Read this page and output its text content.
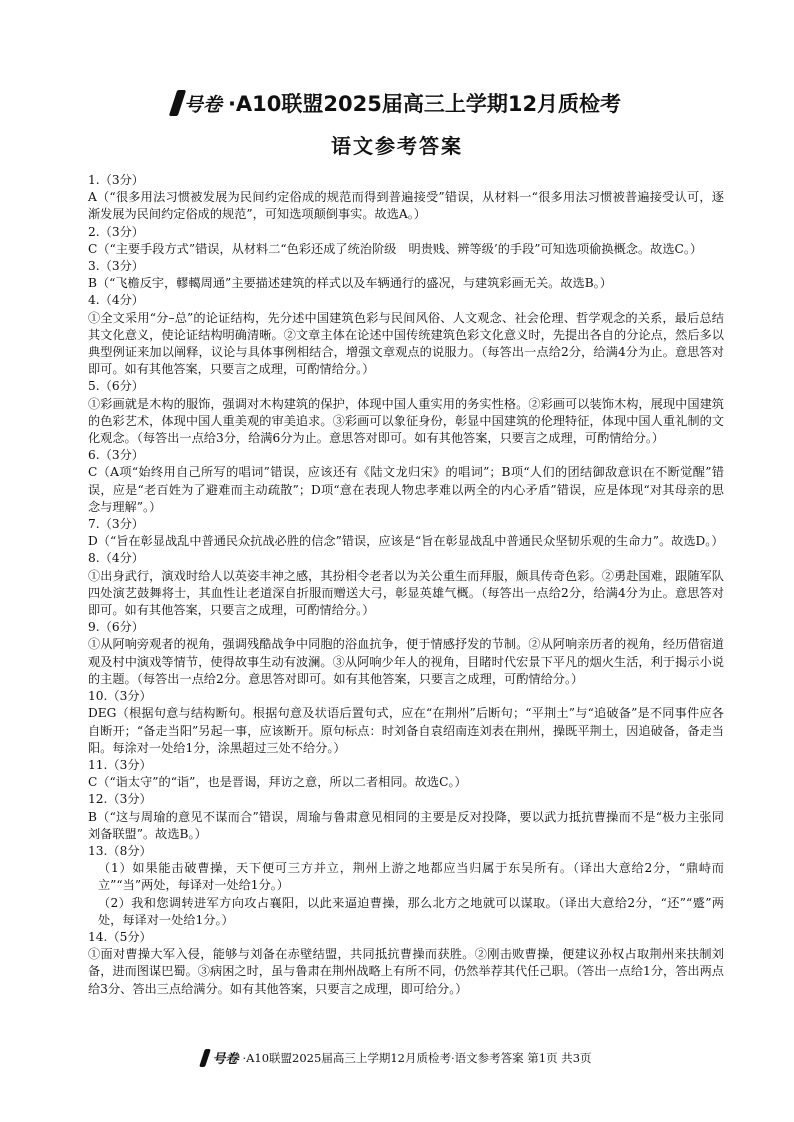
号卷 ·A10联盟2025届高三上学期12月质检考
语文参考答案
1.（3分）
A（“很多用法习惯被发展为民间约定俗成的规范而得到普遍接受”错误，从材料一“很多用法习惯被普遍接受认可，逐渐发展为民间约定俗成的规范”，可知选项颠倒事实。故选A。）
2.（3分）
C（“主要手段方式”错误，从材料二“色彩还成了统治阶级　明贵贱、辨等级’的手段”可知选项偷换概念。故选C。）
3.（3分）
B（“飞檐反宇，轇轕周通”主要描述建筑的样式以及车辆通行的盛况，与建筑彩画无关。故选B。）
4.（4分）
①全文采用“分–总”的论证结构，先分述中国建筑色彩与民间风俗、人文观念、社会伦理、哲学观念的关系，最后总结其文化意义，使论证结构明确清晰。②文章主体在论述中国传统建筑色彩文化意义时，先提出各自的分论点，然后多以典型例证来加以阐释，议论与具体事例相结合，增强文章观点的说服力。（每答出一点给2分，给满4分为止。意思答对即可。如有其他答案，只要言之成理，可酌情给分。）
5.（6分）
①彩画就是木构的服饰，强调对木构建筑的保护，体现中国人重实用的务实性格。②彩画可以装饰木构，展现中国建筑的色彩艺术，体现中国人重美观的审美追求。③彩画可以象征身份，彰显中国建筑的伦理特征，体现中国人重礼制的文化观念。（每答出一点给3分，给满6分为止。意思答对即可。如有其他答案，只要言之成理，可酌情给分。）
6.（3分）
C（A项“始终用自己所写的唱词”错误，应该还有《陆文龙归宋》的唱词”；B项“人们的团结御敌意识在不断觉醒”错误，应是“老百姓为了避难而主动疏散”；D项“意在表现人物忠孝难以两全的内心矛盾”错误，应是体现“对其母亲的思念与理解”。）
7.（3分）
D（“旨在彰显战乱中普通民众抗战必胜的信念”错误，应该是“旨在彰显战乱中普通民众坚韧乐观的生命力”。故选D。）
8.（4分）
①出身武行，演戏时给人以英姿丰神之感，其扮相令老者以为关公重生而拜服，颇具传奇色彩。②勇赴国难，跟随军队四处演艺鼓舞将士，其血性让老道深自折服而赠送大弓，彰显英雄气概。（每答出一点给2分，给满4分为止。意思答对即可。如有其他答案，只要言之成理，可酌情给分。）
9.（6分）
①从阿响旁观者的视角，强调残酷战争中同胞的浴血抗争，便于情感抒发的节制。②从阿响亲历者的视角，经历借宿道观及村中演戏等情节，使得故事生动有波澜。③从阿响少年人的视角，目睹时代宏景下平凡的烟火生活，利于揭示小说的主题。（每答出一点给2分。意思答对即可。如有其他答案，只要言之成理，可酌情给分。）
10.（3分）
DEG（根据句意与结构断句。根据句意及状语后置句式，应在“在荆州”后断句；“平荆土”与“追破备”是不同事件应各自断开；“备走当阳”另起一事，应该断开。原句标点：时刘备自袁绍南连刘表在荆州，操既平荆土，因追破备，备走当阳。每涂对一处给1分，涂黑超过三处不给分。）
11.（3分）
C（“诣太守”的“诣”，也是晋谒，拜访之意，所以二者相同。故选C。）
12.（3分）
B（“这与周瑜的意见不谋而合”错误，周瑜与鲁肃意见相同的主要是反对投降，要以武力抵抗曹操而不是“极力主张同刘备联盟”。故选B。）
13.（8分）
（1）如果能击破曹操，天下便可三方并立，荆州上游之地都应当归属于东吴所有。（译出大意给2分，“鼎峙而立”“当”两处，每译对一处给1分。）
（2）我和您调转进军方向攻占襄阳，以此来逼迫曹操，那么北方之地就可以谋取。（译出大意给2分，“还”“蹙”两处，每译对一处给1分。）
14.（5分）
①面对曹操大军入侵，能够与刘备在赤壁结盟，共同抵抗曹操而获胜。②刚击败曹操，便建议孙权占取荆州来扶制刘备，进而图谋巴蜀。③病困之时，虽与鲁肃在荆州战略上有所不同，仍然举荐其代任己职。（答出一点给1分，答出两点给3分、答出三点给满分。如有其他答案，只要言之成理，即可给分。）
号卷 ·A10联盟2025届高三上学期12月质检考·语文参考答案 第1页 共3页
